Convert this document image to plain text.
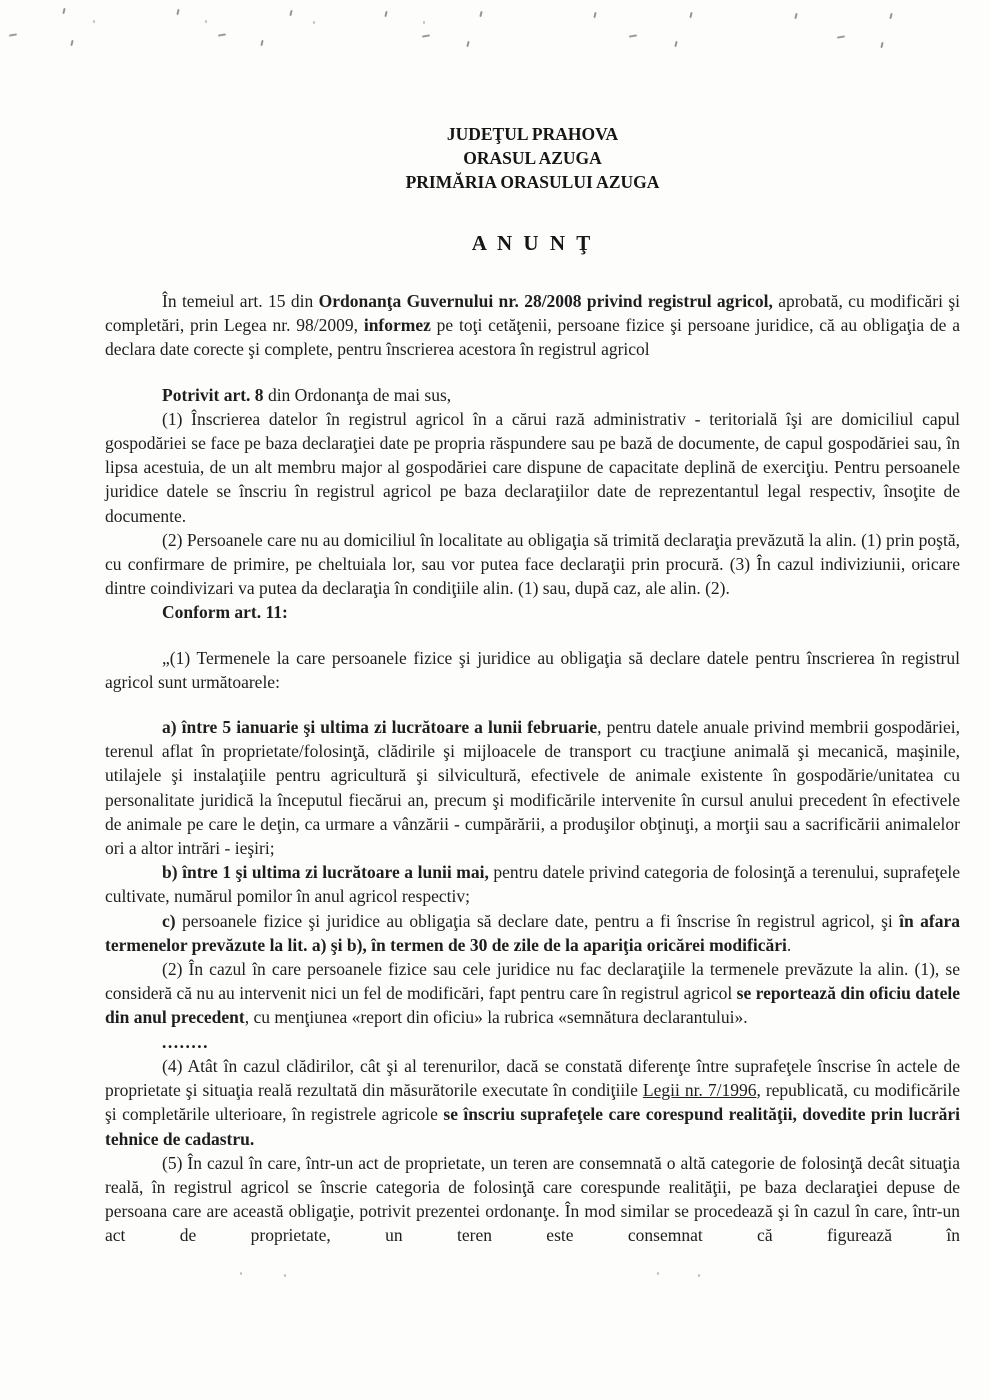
JUDEŢUL PRAHOVA
ORASUL AZUGA
PRIMĂRIA ORASULUI AZUGA
A N U N Ţ

În temeiul art. 15 din Ordonanţa Guvernului nr. 28/2008 privind registrul agricol, aprobată, cu modificări şi completări, prin Legea nr. 98/2009, informez pe toţi cetăţenii, persoane fizice şi persoane juridice, că au obligaţia de a declara date corecte şi complete, pentru înscrierea acestora în registrul agricol

Potrivit art. 8 din Ordonanţa de mai sus,

(1) Înscrierea datelor în registrul agricol în a cărui rază administrativ - teritorială îşi are domiciliul capul gospodăriei se face pe baza declaraţiei date pe propria răspundere sau pe bază de documente, de capul gospodăriei sau, în lipsa acestuia, de un alt membru major al gospodăriei care dispune de capacitate deplină de exerciţiu. Pentru persoanele juridice datele se înscriu în registrul agricol pe baza declaraţiilor date de reprezentantul legal respectiv, însoţite de documente.

(2) Persoanele care nu au domiciliul în localitate au obligaţia să trimită declaraţia prevăzută la alin. (1) prin poştă, cu confirmare de primire, pe cheltuiala lor, sau vor putea face declaraţii prin procură. (3) În cazul indiviziunii, oricare dintre coindivizari va putea da declaraţia în condiţiile alin. (1) sau, după caz, ale alin. (2).

Conform art. 11:

„(1) Termenele la care persoanele fizice şi juridice au obligaţia să declare datele pentru înscrierea în registrul agricol sunt următoarele:

a) între 5 ianuarie şi ultima zi lucrătoare a lunii februarie, pentru datele anuale privind membrii gospodăriei, terenul aflat în proprietate/folosinţă, clădirile şi mijloacele de transport cu tracţiune animală şi mecanică, maşinile, utilajele şi instalaţiile pentru agricultură şi silvicultură, efectivele de animale existente în gospodărie/unitatea cu personalitate juridică la începutul fiecărui an, precum şi modificările intervenite în cursul anului precedent în efectivele de animale pe care le deţin, ca urmare a vânzării - cumpărării, a produşilor obţinuţi, a morţii sau a sacrificării animalelor ori a altor intrări - ieşiri;

b) între 1 şi ultima zi lucrătoare a lunii mai, pentru datele privind categoria de folosinţă a terenului, suprafeţele cultivate, numărul pomilor în anul agricol respectiv;

c) persoanele fizice şi juridice au obligaţia să declare date, pentru a fi înscrise în registrul agricol, şi în afara termenelor prevăzute la lit. a) şi b), în termen de 30 de zile de la apariţia oricărei modificări.

(2) În cazul în care persoanele fizice sau cele juridice nu fac declaraţiile la termenele prevăzute la alin. (1), se consideră că nu au intervenit nici un fel de modificări, fapt pentru care în registrul agricol se reportează din oficiu datele din anul precedent, cu menţiunea «report din oficiu» la rubrica «semnătura declarantului».

........

(4) Atât în cazul clădirilor, cât şi al terenurilor, dacă se constată diferenţe între suprafeţele înscrise în actele de proprietate şi situaţia reală rezultată din măsurătorile executate în condiţiile Legii nr. 7/1996, republicată, cu modificările şi completările ulterioare, în registrele agricole se înscriu suprafeţele care corespund realităţii, dovedite prin lucrări tehnice de cadastru.

(5) În cazul în care, într-un act de proprietate, un teren are consemnată o altă categorie de folosinţă decât situaţia reală, în registrul agricol se înscrie categoria de folosinţă care corespunde realităţii, pe baza declaraţiei depuse de persoana care are această obligaţie, potrivit prezentei ordonanţe. În mod similar se procedează şi în cazul în care, într-un act de proprietate, un teren este consemnat că figurează în
